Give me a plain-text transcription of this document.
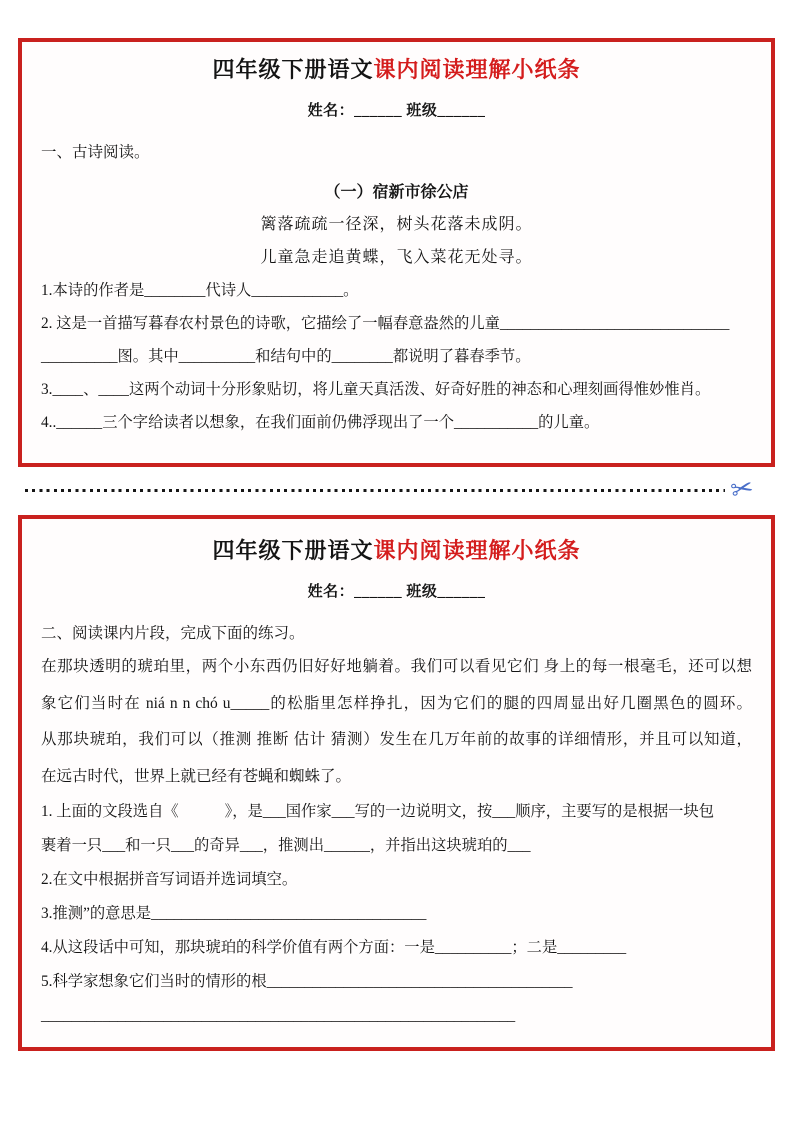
四年级下册语文课内阅读理解小纸条

姓名：______ 班级______

一、古诗阅读。

（一）宿新市徐公店

篱落疏疏一径深，树头花落未成阴。

儿童急走追黄蝶，飞入菜花无处寻。

1.本诗的作者是________代诗人____________。

2. 这是一首描写暮春农村景色的诗歌，它描绘了一幅春意盎然的儿童______________________________

__________图。其中__________和结句中的________都说明了暮春季节。

3.____、____这两个动词十分形象贴切，将儿童天真活泼、好奇好胜的神态和心理刻画得惟妙惟肖。

4..______三个字给读者以想象，在我们面前仍佛浮现出了一个___________的儿童。

✂

四年级下册语文课内阅读理解小纸条

姓名：______ 班级______

二、阅读课内片段，完成下面的练习。

在那块透明的琥珀里，两个小东西仍旧好好地躺着。我们可以看见它们 身上的每一根毫毛，还可以想

象它们当时在 niá n n chó u_____的松脂里怎样挣扎，因为它们的腿的四周显出好几圈黑色的圆环。

从那块琥珀，我们可以（推测 推断 估计 猜测）发生在几万年前的故事的详细情形，并且可以知道，

在远古时代，世界上就已经有苍蝇和蜘蛛了。

1. 上面的文段选自《　　　》，是___国作家___写的一边说明文，按___顺序，主要写的是根据一块包

裹着一只___和一只___的奇异___，推测出______，并指出这块琥珀的___

2.在文中根据拼音写词语并选词填空。

3.推测”的意思是____________________________________

4.从这段话中可知，那块琥珀的科学价值有两个方面：一是__________；二是_________

5.科学家想象它们当时的情形的根________________________________________

______________________________________________________________
